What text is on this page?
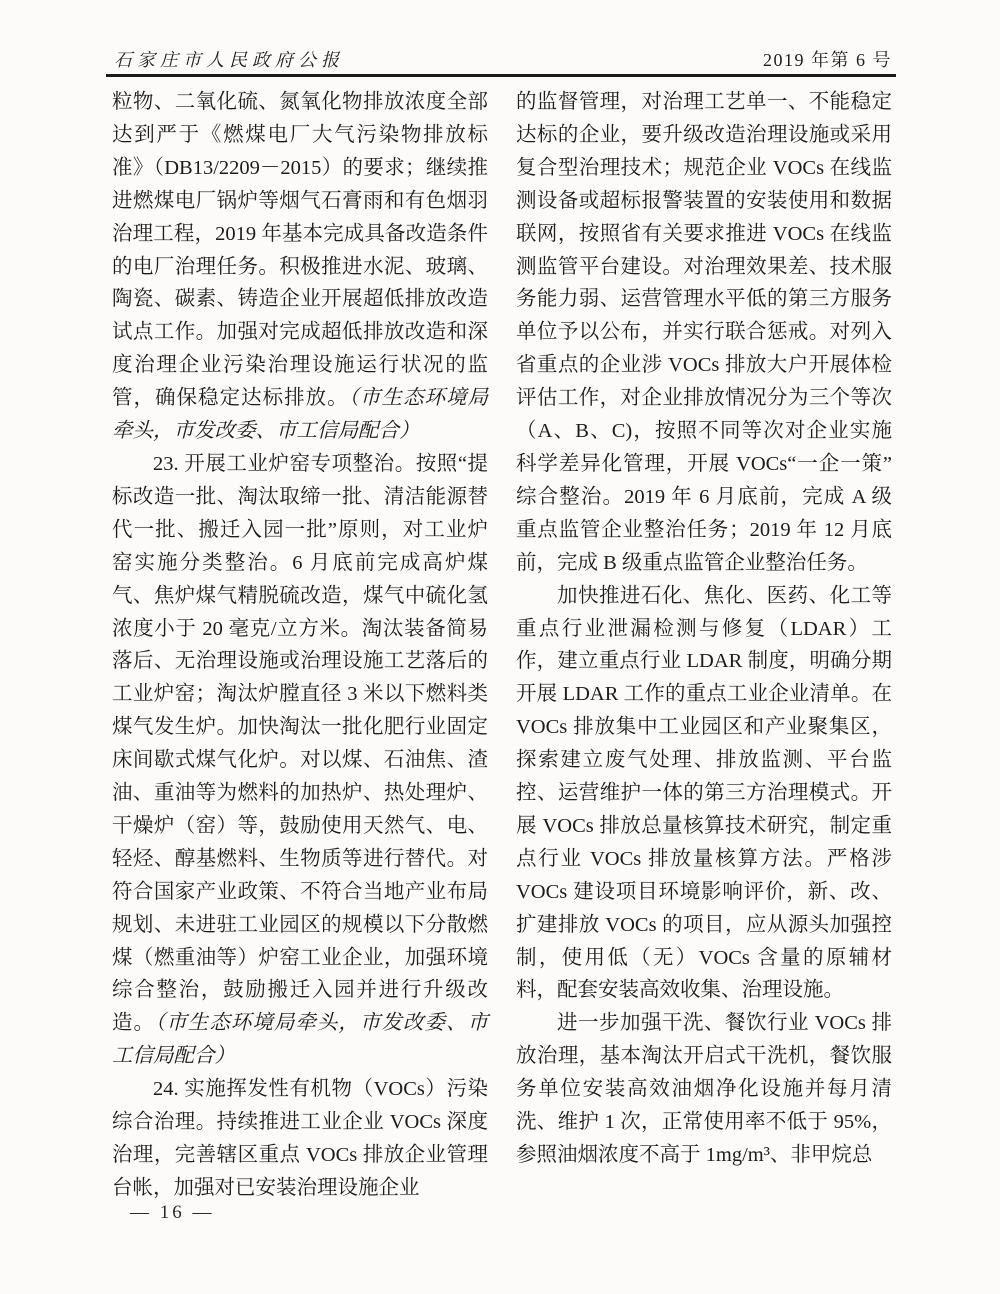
石家庄市人民政府公报	2019 年第 6 号

粒物、二氧化硫、氮氧化物排放浓度全部达到严于《燃煤电厂大气污染物排放标准》（DB13/2209－2015）的要求；继续推进燃煤电厂锅炉等烟气石膏雨和有色烟羽治理工程，2019 年基本完成具备改造条件的电厂治理任务。积极推进水泥、玻璃、陶瓷、碳素、铸造企业开展超低排放改造试点工作。加强对完成超低排放改造和深度治理企业污染治理设施运行状况的监管，确保稳定达标排放。（市生态环境局牵头，市发改委、市工信局配合）

23. 开展工业炉窑专项整治。按照“提标改造一批、淘汰取缔一批、清洁能源替代一批、搬迁入园一批”原则，对工业炉窑实施分类整治。6 月底前完成高炉煤气、焦炉煤气精脱硫改造，煤气中硫化氢浓度小于 20 毫克/立方米。淘汰装备简易落后、无治理设施或治理设施工艺落后的工业炉窑；淘汰炉膛直径 3 米以下燃料类煤气发生炉。加快淘汰一批化肥行业固定床间歇式煤气化炉。对以煤、石油焦、渣油、重油等为燃料的加热炉、热处理炉、干燥炉（窑）等，鼓励使用天然气、电、轻烃、醇基燃料、生物质等进行替代。对符合国家产业政策、不符合当地产业布局规划、未进驻工业园区的规模以下分散燃煤（燃重油等）炉窑工业企业，加强环境综合整治，鼓励搬迁入园并进行升级改造。（市生态环境局牵头，市发改委、市工信局配合）

24. 实施挥发性有机物（VOCs）污染综合治理。持续推进工业企业 VOCs 深度治理，完善辖区重点 VOCs 排放企业管理台帐，加强对已安装治理设施企业

的监督管理，对治理工艺单一、不能稳定达标的企业，要升级改造治理设施或采用复合型治理技术；规范企业 VOCs 在线监测设备或超标报警装置的安装使用和数据联网，按照省有关要求推进 VOCs 在线监测监管平台建设。对治理效果差、技术服务能力弱、运营管理水平低的第三方服务单位予以公布，并实行联合惩戒。对列入省重点的企业涉 VOCs 排放大户开展体检评估工作，对企业排放情况分为三个等次（A、B、C)，按照不同等次对企业实施科学差异化管理，开展 VOCs“一企一策”综合整治。2019 年 6 月底前，完成 A 级重点监管企业整治任务；2019 年 12 月底前，完成 B 级重点监管企业整治任务。

加快推进石化、焦化、医药、化工等重点行业泄漏检测与修复（LDAR）工作，建立重点行业 LDAR 制度，明确分期开展 LDAR 工作的重点工业企业清单。在 VOCs 排放集中工业园区和产业聚集区，探索建立废气处理、排放监测、平台监控、运营维护一体的第三方治理模式。开展 VOCs 排放总量核算技术研究，制定重点行业 VOCs 排放量核算方法。严格涉 VOCs 建设项目环境影响评价，新、改、扩建排放 VOCs 的项目，应从源头加强控制，使用低（无）VOCs 含量的原辅材料，配套安装高效收集、治理设施。

进一步加强干洗、餐饮行业 VOCs 排放治理，基本淘汰开启式干洗机，餐饮服务单位安装高效油烟净化设施并每月清洗、维护 1 次，正常使用率不低于 95%，参照油烟浓度不高于 1mg/m³、非甲烷总

— 16 —
